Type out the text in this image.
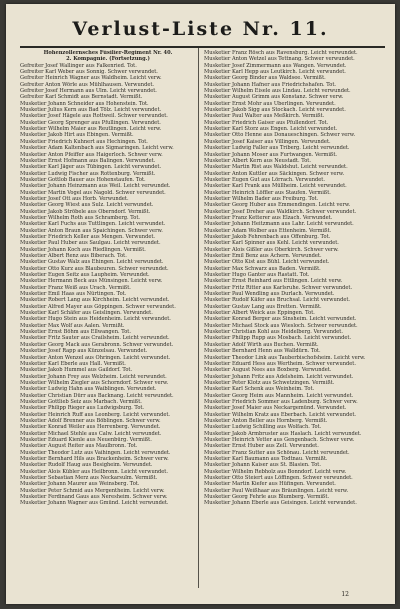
Verlust-Liste Nr. 11.
Hohenzollernsches Füsilier-Regiment Nr. 40.
2. Kompagnie. (Fortsetzung.)
Gefreiter Josef Wallinger aus Falkenried. Tot.
Gefreiter Karl Weber aus Sonnig. Schwer verwundet.
Gefreiter Heinrich Wagner aus Waldheim. Leicht verw.
Gefreiter Anton Wörle aus Mühlhausen. Verwundet.
Gefreiter Josef Hermann aus Ulm. Leicht verwundet.
Gefreiter Karl Schmidt aus Bernstadt. Vermißt.
Musketier Johann Schneider aus Hohenstein. Tot.
Musketier Julius Kern aus Bad Tölz. Leicht verwundet.
Musketier Josef Hägele aus Rottweil. Schwer verwundet.
Musketier Georg Sprenger aus Pfullingen. Verwundet.
Musketier Wilhelm Maier aus Reutlingen. Leicht verw.
Musketier Jakob Hirt aus Ebingen. Vermißt.
Musketier Friedrich Kuhnert aus Hechingen. Tot.
Musketier Adam Kaltenbach aus Sigmaringen. Leicht verw.
Musketier Anton Pfeiffer aus Haigerloch. Schwer verw.
Musketier Ernst Hofmann aus Balingen. Verwundet.
Musketier Karl Jäger aus Tübingen. Leicht verwundet.
Musketier Ludwig Fischer aus Rottenburg. Vermißt.
Musketier Gottlob Bauer aus Hohenstaufen. Tot.
Musketier Johann Heinzmann aus Weil. Leicht verwundet.
Musketier Martin Vogel aus Nagold. Schwer verwundet.
Musketier Josef Ott aus Horb. Verwundet.
Musketier Georg Wiest aus Sulz. Leicht verwundet.
Musketier Jakob Ströbele aus Oberndorf. Vermißt.
Musketier Wilhelm Roth aus Schramberg. Tot.
Musketier Karl Fuchs aus Tuttlingen. Leicht verwundet.
Musketier Anton Braun aus Spaichingen. Schwer verw.
Musketier Friedrich Keller aus Mengen. Verwundet.
Musketier Paul Huber aus Saulgau. Leicht verwundet.
Musketier Johann Koch aus Riedlingen. Vermißt.
Musketier Albert Renz aus Biberach. Tot.
Musketier Gustav Walz aus Ehingen. Leicht verwundet.
Musketier Otto Kurz aus Blaubeuren. Schwer verwundet.
Musketier Eugen Seitz aus Laupheim. Verwundet.
Musketier Hermann Beck aus Münsingen. Leicht verw.
Musketier Franz Weiß aus Urach. Vermißt.
Musketier Emil Haas aus Nürtingen. Tot.
Musketier Robert Lang aus Kirchheim. Leicht verwundet.
Musketier Alfred Mayer aus Göppingen. Schwer verwundet.
Musketier Karl Schäfer aus Geislingen. Verwundet.
Musketier Hugo Stein aus Heidenheim. Leicht verwundet.
Musketier Max Wolf aus Aalen. Vermißt.
Musketier Ernst Böhm aus Ellwangen. Tot.
Musketier Fritz Sauter aus Crailsheim. Leicht verwundet.
Musketier Georg Mack aus Gerabronn. Schwer verwundet.
Musketier Josef Rapp aus Künzelsau. Verwundet.
Musketier Anton Wenzel aus Öhringen. Leicht verwundet.
Musketier Karl Eberle aus Hall. Vermißt.
Musketier Jakob Hummel aus Gaildorf. Tot.
Musketier Johann Frey aus Welzheim. Leicht verwundet.
Musketier Wilhelm Ziegler aus Schorndorf. Schwer verw.
Musketier Ludwig Hahn aus Waiblingen. Verwundet.
Musketier Christian Dürr aus Backnang. Leicht verwundet.
Musketier Gottlieb Seiz aus Marbach. Vermißt.
Musketier Philipp Rieger aus Ludwigsburg. Tot.
Musketier Heinrich Ruff aus Leonberg. Leicht verwundet.
Musketier Adolf Brenner aus Böblingen. Schwer verw.
Musketier Konrad Weiler aus Herrenberg. Verwundet.
Musketier Michael Stehle aus Calw. Leicht verwundet.
Musketier Eduard Kienle aus Neuenbürg. Vermißt.
Musketier August Reiter aus Maulbronn. Tot.
Musketier Theodor Lutz aus Vaihingen. Leicht verwundet.
Musketier Bernhard Hils aus Brackenheim. Schwer verw.
Musketier Rudolf Haug aus Besigheim. Verwundet.
Musketier Alois Kübler aus Heilbronn. Leicht verwundet.
Musketier Sebastian Merz aus Neckarsulm. Vermißt.
Musketier Johann Maurer aus Weinsberg. Tot.
Musketier Peter Schmid aus Mergentheim. Leicht verw.
Musketier Ferdinand Gaus aus Neresheim. Schwer verw.
Musketier Johann Wagner aus Gmünd. Leicht verwundet.
Musketier Franz Rösch aus Ravensburg. Leicht verwundet.
Musketier Anton Wetzel aus Tettnang. Schwer verwundet.
Musketier Josef Zimmermann aus Wangen. Verwundet.
Musketier Karl Hepp aus Leutkirch. Leicht verwundet.
Musketier Georg Binder aus Waldsee. Vermißt.
Musketier Johann Hafner aus Friedrichshafen. Tot.
Musketier Wilhelm Eisele aus Lindau. Leicht verwundet.
Musketier August Grimm aus Konstanz. Schwer verw.
Musketier Ernst Mohr aus Überlingen. Verwundet.
Musketier Jakob Sigg aus Stockach. Leicht verwundet.
Musketier Paul Walter aus Meßkirch. Vermißt.
Musketier Friedrich Gaiser aus Pfullendorf. Tot.
Musketier Karl Storz aus Engen. Leicht verwundet.
Musketier Otto Henne aus Donaueschingen. Schwer verw.
Musketier Josef Kaiser aus Villingen. Verwundet.
Musketier Ludwig Faller aus Triberg. Leicht verwundet.
Musketier Johann Moser aus Furtwangen. Vermißt.
Musketier Albert Kern aus Neustadt. Tot.
Musketier Martin Rist aus Waldshut. Leicht verwundet.
Musketier Anton Kuttler aus Säckingen. Schwer verw.
Musketier Eugen Gut aus Lörrach. Verwundet.
Musketier Karl Frank aus Müllheim. Leicht verwundet.
Musketier Heinrich Löffler aus Staufen. Vermißt.
Musketier Wilhelm Bader aus Freiburg. Tot.
Musketier Georg Huber aus Emmendingen. Leicht verw.
Musketier Josef Dreher aus Waldkirch. Schwer verwundet.
Musketier Franz Ketterer aus Elzach. Verwundet.
Musketier Johann Heitzmann aus Lahr. Leicht verwundet.
Musketier Adam Wolber aus Ettenheim. Vermißt.
Musketier Jakob Fehrenbach aus Offenburg. Tot.
Musketier Karl Spinner aus Kehl. Leicht verwundet.
Musketier Alois Gißler aus Oberkirch. Schwer verw.
Musketier Emil Benz aus Achern. Verwundet.
Musketier Otto Kist aus Bühl. Leicht verwundet.
Musketier Max Schwarz aus Baden. Vermißt.
Musketier Hugo Ganter aus Rastatt. Tot.
Musketier Ernst Reinhard aus Ettlingen. Leicht verw.
Musketier Fritz Ritter aus Karlsruhe. Schwer verwundet.
Musketier Paul Wendling aus Durlach. Verwundet.
Musketier Rudolf Käfer aus Bruchsal. Leicht verwundet.
Musketier Gustav Lang aus Bretten. Vermißt.
Musketier Albert Weick aus Eppingen. Tot.
Musketier Konrad Berger aus Sinsheim. Leicht verwundet.
Musketier Michael Stock aus Wiesloch. Schwer verwundet.
Musketier Christian Kohl aus Heidelberg. Verwundet.
Musketier Philipp Rupp aus Mosbach. Leicht verwundet.
Musketier Adolf Wirth aus Buchen. Vermißt.
Musketier Bernhard Henn aus Walldürn. Tot.
Musketier Theodor Link aus Tauberbischofsheim. Leicht verw.
Musketier Eduard Hess aus Wertheim. Schwer verwundet.
Musketier August Nees aus Boxberg. Verwundet.
Musketier Johann Fritz aus Adelsheim. Leicht verwundet.
Musketier Peter Klotz aus Schwetzingen. Vermißt.
Musketier Karl Schenk aus Weinheim. Tot.
Musketier Georg Heim aus Mannheim. Leicht verwundet.
Musketier Friedrich Sommer aus Ladenburg. Schwer verw.
Musketier Josef Maier aus Neckargemünd. Verwundet.
Musketier Wilhelm Kratz aus Eberbach. Leicht verwundet.
Musketier Anton Beller aus Hornberg. Vermißt.
Musketier Ludwig Schilling aus Wolfach. Tot.
Musketier Jakob Armbruster aus Haslach. Leicht verwundet.
Musketier Heinrich Vetter aus Gengenbach. Schwer verw.
Musketier Ernst Huber aus Zell. Verwundet.
Musketier Franz Sutter aus Schönau. Leicht verwundet.
Musketier Karl Baumann aus Todtnau. Vermißt.
Musketier Johann Kaiser aus St. Blasien. Tot.
Musketier Wilhelm Rebholz aus Bonndorf. Leicht verw.
Musketier Otto Steiert aus Löffingen. Schwer verwundet.
Musketier Martin Kiefer aus Hüfingen. Verwundet.
Musketier Paul Weißhaar aus Bräunlingen. Leicht verw.
Musketier Georg Fehrle aus Blumberg. Vermißt.
Musketier Johann Eberle aus Geisingen. Leicht verwundet.
12
